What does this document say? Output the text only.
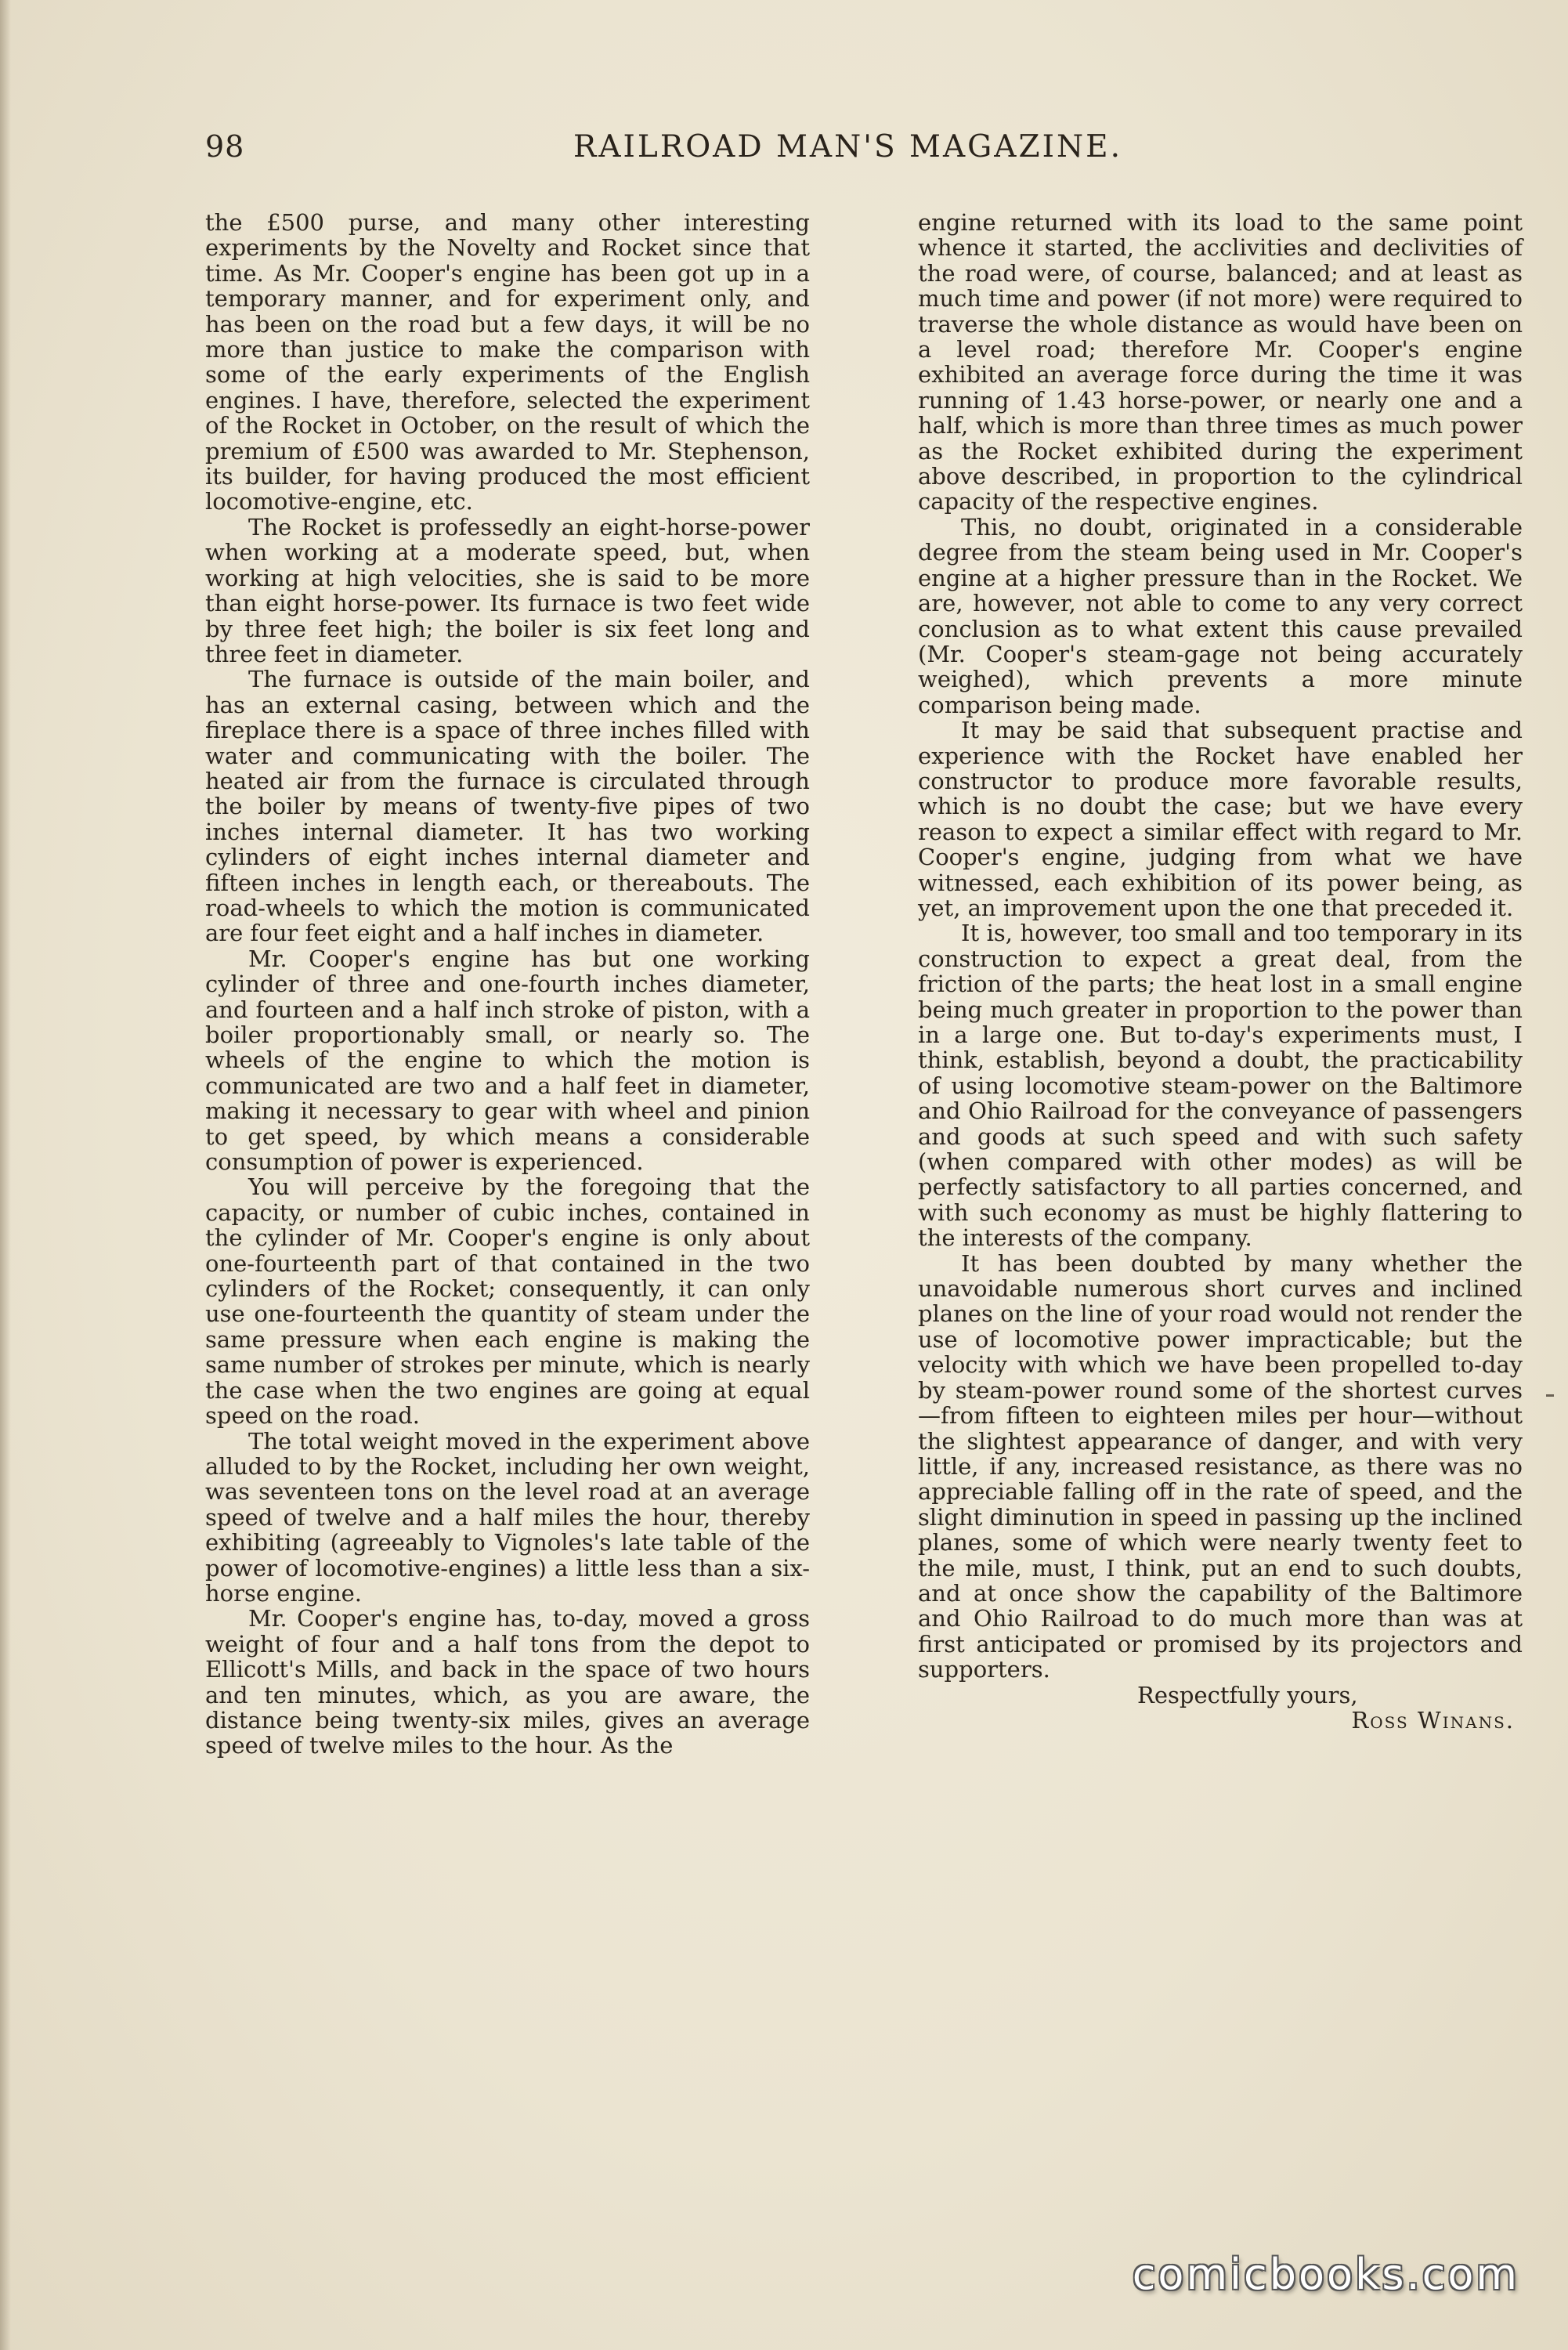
98	RAILROAD MAN'S MAGAZINE.

the £500 purse, and many other interesting experiments by the Novelty and Rocket since that time. As Mr. Cooper's engine has been got up in a temporary manner, and for experiment only, and has been on the road but a few days, it will be no more than justice to make the comparison with some of the early experiments of the English engines. I have, therefore, selected the experiment of the Rocket in October, on the result of which the premium of £500 was awarded to Mr. Stephenson, its builder, for having produced the most efficient locomotive-engine, etc.

The Rocket is professedly an eight-horse-power when working at a moderate speed, but, when working at high velocities, she is said to be more than eight horse-power. Its furnace is two feet wide by three feet high; the boiler is six feet long and three feet in diameter.

The furnace is outside of the main boiler, and has an external casing, between which and the fireplace there is a space of three inches filled with water and communicating with the boiler. The heated air from the furnace is circulated through the boiler by means of twenty-five pipes of two inches internal diameter. It has two working cylinders of eight inches internal diameter and fifteen inches in length each, or thereabouts. The road-wheels to which the motion is communicated are four feet eight and a half inches in diameter.

Mr. Cooper's engine has but one working cylinder of three and one-fourth inches diameter, and fourteen and a half inch stroke of piston, with a boiler proportionably small, or nearly so. The wheels of the engine to which the motion is communicated are two and a half feet in diameter, making it necessary to gear with wheel and pinion to get speed, by which means a considerable consumption of power is experienced.

You will perceive by the foregoing that the capacity, or number of cubic inches, contained in the cylinder of Mr. Cooper's engine is only about one-fourteenth part of that contained in the two cylinders of the Rocket; consequently, it can only use one-fourteenth the quantity of steam under the same pressure when each engine is making the same number of strokes per minute, which is nearly the case when the two engines are going at equal speed on the road.

The total weight moved in the experiment above alluded to by the Rocket, including her own weight, was seventeen tons on the level road at an average speed of twelve and a half miles the hour, thereby exhibiting (agreeably to Vignoles's late table of the power of locomotive-engines) a little less than a six-horse engine.

Mr. Cooper's engine has, to-day, moved a gross weight of four and a half tons from the depot to Ellicott's Mills, and back in the space of two hours and ten minutes, which, as you are aware, the distance being twenty-six miles, gives an average speed of twelve miles to the hour. As the

engine returned with its load to the same point whence it started, the acclivities and declivities of the road were, of course, balanced; and at least as much time and power (if not more) were required to traverse the whole distance as would have been on a level road; therefore Mr. Cooper's engine exhibited an average force during the time it was running of 1.43 horse-power, or nearly one and a half, which is more than three times as much power as the Rocket exhibited during the experiment above described, in proportion to the cylindrical capacity of the respective engines.

This, no doubt, originated in a considerable degree from the steam being used in Mr. Cooper's engine at a higher pressure than in the Rocket. We are, however, not able to come to any very correct conclusion as to what extent this cause prevailed (Mr. Cooper's steam-gage not being accurately weighed), which prevents a more minute comparison being made.

It may be said that subsequent practise and experience with the Rocket have enabled her constructor to produce more favorable results, which is no doubt the case; but we have every reason to expect a similar effect with regard to Mr. Cooper's engine, judging from what we have witnessed, each exhibition of its power being, as yet, an improvement upon the one that preceded it.

It is, however, too small and too temporary in its construction to expect a great deal, from the friction of the parts; the heat lost in a small engine being much greater in proportion to the power than in a large one. But to-day's experiments must, I think, establish, beyond a doubt, the practicability of using locomotive steam-power on the Baltimore and Ohio Railroad for the conveyance of passengers and goods at such speed and with such safety (when compared with other modes) as will be perfectly satisfactory to all parties concerned, and with such economy as must be highly flattering to the interests of the company.

It has been doubted by many whether the unavoidable numerous short curves and inclined planes on the line of your road would not render the use of locomotive power impracticable; but the velocity with which we have been propelled to-day by steam-power round some of the shortest curves—from fifteen to eighteen miles per hour—without the slightest appearance of danger, and with very little, if any, increased resistance, as there was no appreciable falling off in the rate of speed, and the slight diminution in speed in passing up the inclined planes, some of which were nearly twenty feet to the mile, must, I think, put an end to such doubts, and at once show the capability of the Baltimore and Ohio Railroad to do much more than was at first anticipated or promised by its projectors and supporters.

Respectfully yours,

Ross Winans.

comicbooks.com
